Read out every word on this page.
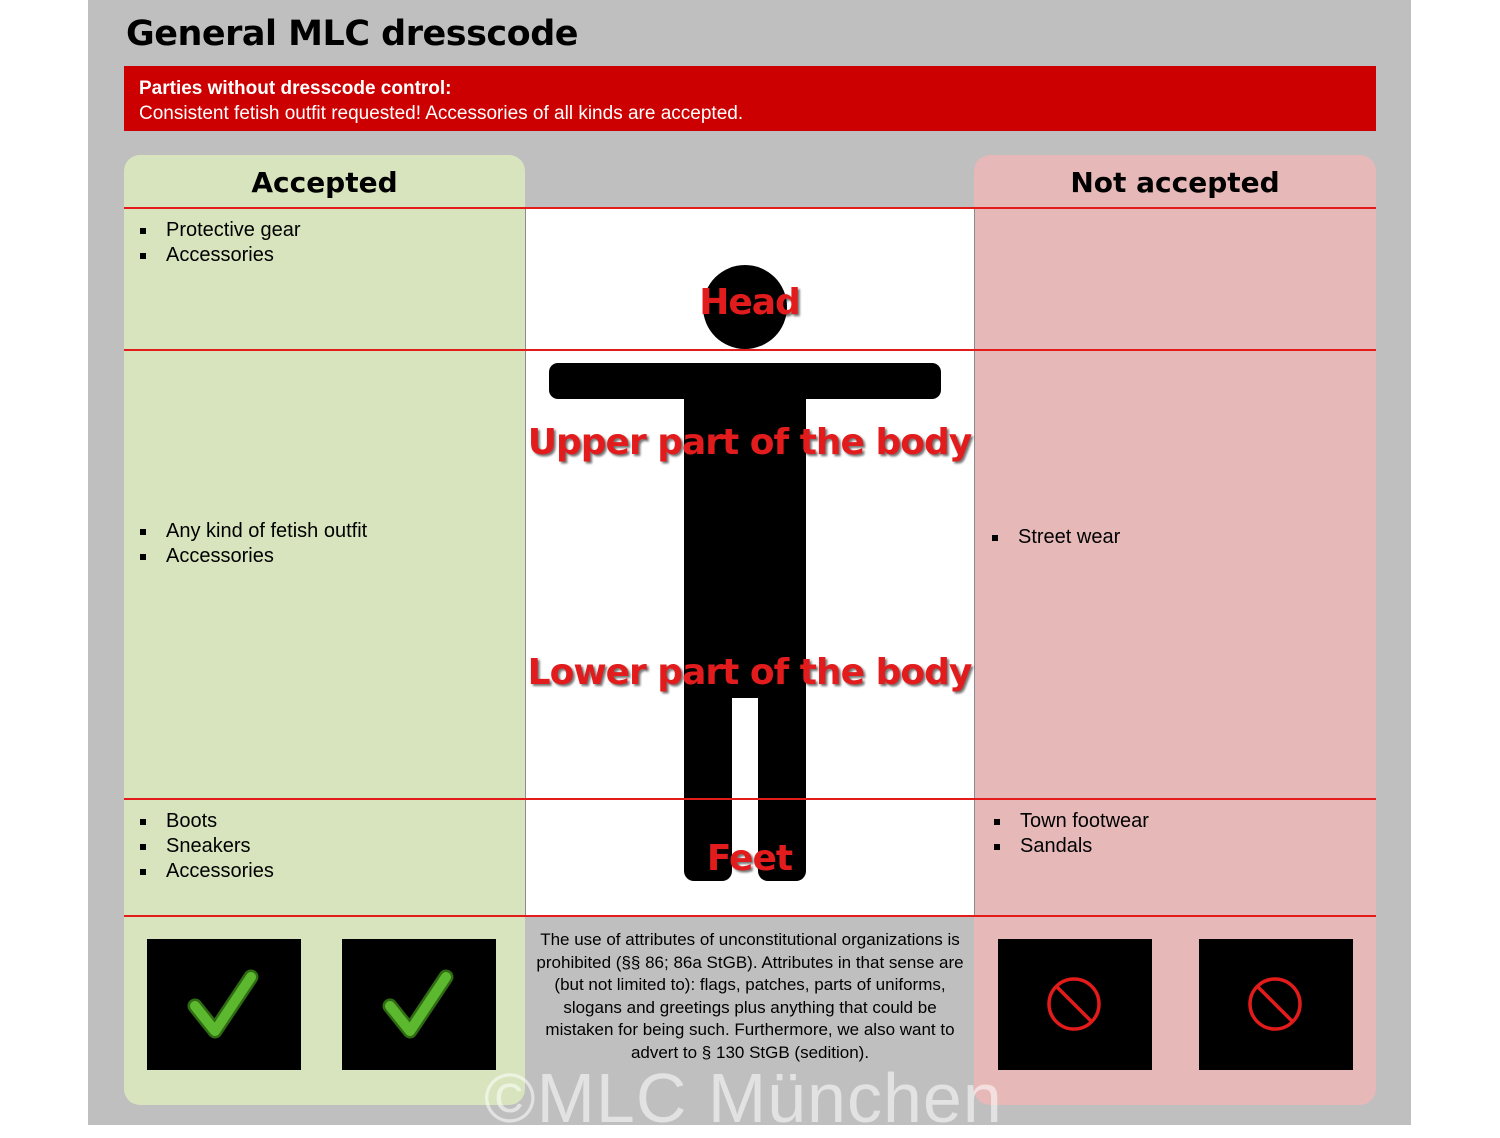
General MLC dresscode
Parties without dresscode control:
Consistent fetish outfit requested! Accessories of all kinds are accepted.
Accepted	Not accepted
Head
Upper part of the body
Lower part of the body
Feet
Protective gear
Accessories
Any kind of fetish outfit
Accessories
Boots
Sneakers
Accessories
Street wear
Town footwear
Sandals
The use of attributes of unconstitutional organizations is prohibited (§§ 86; 86a StGB). Attributes in that sense are (but not limited to): flags, patches, parts of uniforms, slogans and greetings plus anything that could be mistaken for being such. Furthermore, we also want to advert to § 130 StGB (sedition).
©MLC München
